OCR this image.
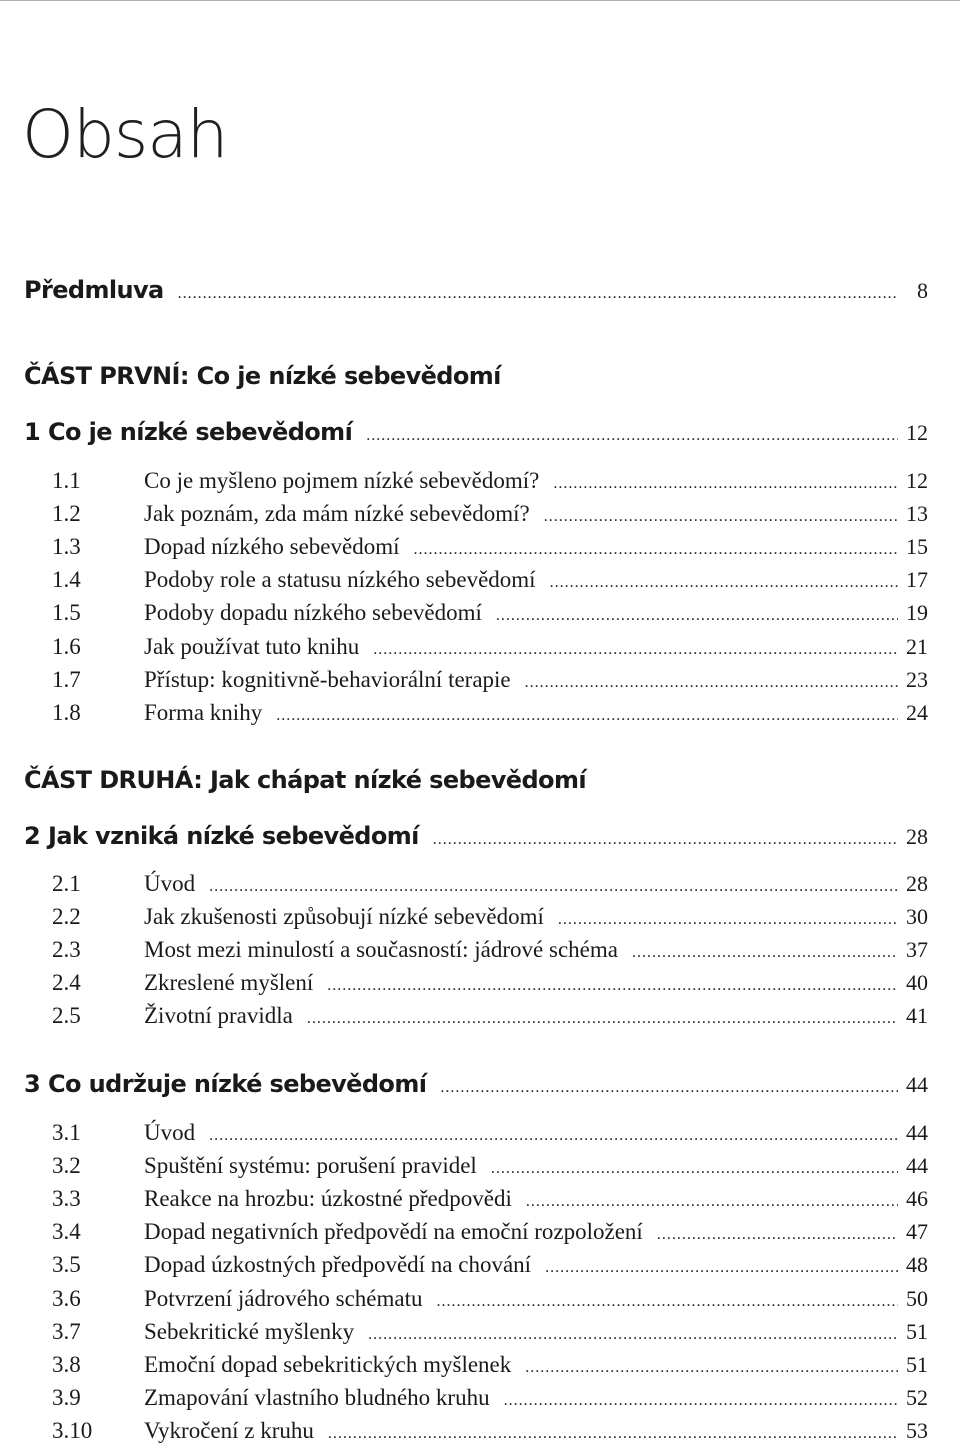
Obsah
Předmluva .....	8
ČÁST PRVNÍ: Co je nízké sebevědomí
1 Co je nízké sebevědomí .....	12
1.1	Co je myšleno pojmem nízké sebevědomí? .....	12
1.2	Jak poznám, zda mám nízké sebevědomí? .....	13
1.3	Dopad nízkého sebevědomí .....	15
1.4	Podoby role a statusu nízkého sebevědomí .....	17
1.5	Podoby dopadu nízkého sebevědomí .....	19
1.6	Jak používat tuto knihu .....	21
1.7	Přístup: kognitivně-behaviorální terapie .....	23
1.8	Forma knihy .....	24
ČÁST DRUHÁ: Jak chápat nízké sebevědomí
2 Jak vzniká nízké sebevědomí .....	28
2.1	Úvod .....	28
2.2	Jak zkušenosti způsobují nízké sebevědomí .....	30
2.3	Most mezi minulostí a současností: jádrové schéma .....	37
2.4	Zkreslené myšlení .....	40
2.5	Životní pravidla .....	41
3 Co udržuje nízké sebevědomí .....	44
3.1	Úvod .....	44
3.2	Spuštění systému: porušení pravidel .....	44
3.3	Reakce na hrozbu: úzkostné předpovědi .....	46
3.4	Dopad negativních předpovědí na emoční rozpoložení .....	47
3.5	Dopad úzkostných předpovědí na chování .....	48
3.6	Potvrzení jádrového schématu .....	50
3.7	Sebekritické myšlenky .....	51
3.8	Emoční dopad sebekritických myšlenek .....	51
3.9	Zmapování vlastního bludného kruhu .....	52
3.10	Vykročení z kruhu .....	53
